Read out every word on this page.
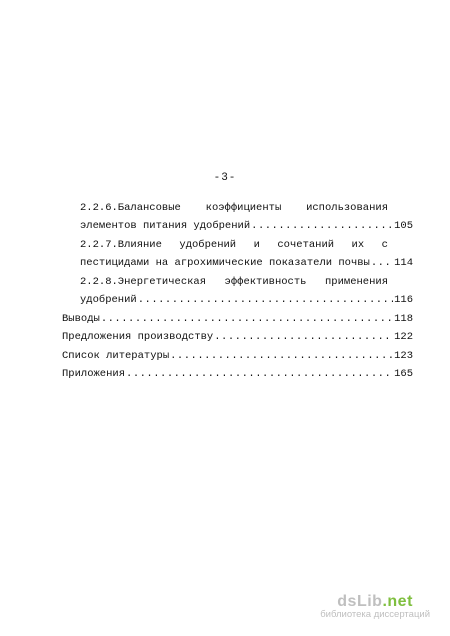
-3-
2.2.6.Балансовые коэффициенты использования
элементов питания удобрений .....	105
2.2.7.Влияние удобрений и сочетаний их с
пестицидами на агрохимические показатели почвы ..... 114
2.2.8.Энергетическая эффективность применения
удобрений .....	116
Выводы .....	118
Предложения производству .....	122
Список литературы .....	123
Приложения .....	165
dsLib.net
библиотека диссертаций
